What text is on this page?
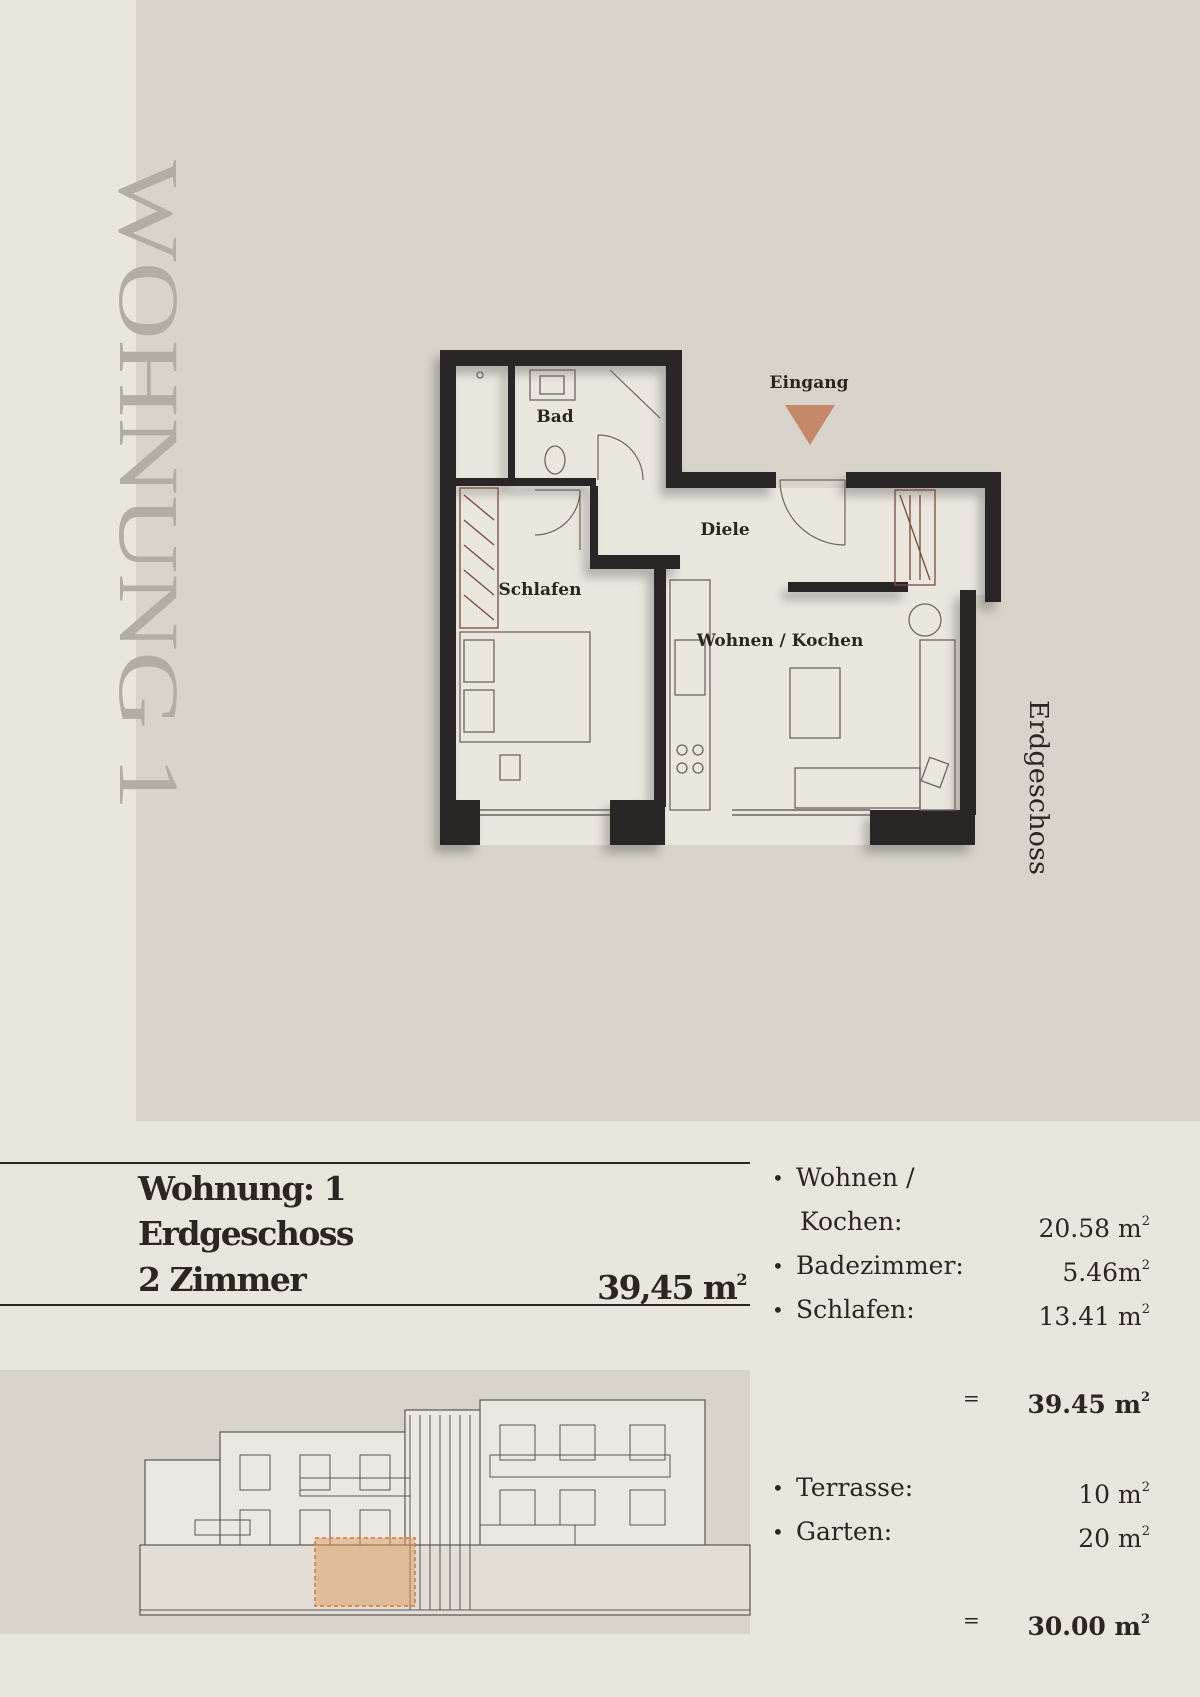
WOHNUNG 1	Eingang
Bad
Diele
Schlafen
Wohnen / Kochen
Erdgeschoss
Wohnung: 1
Erdgeschoss
2 Zimmer	39,45 $m^2$
• Wohnen /
Kochen:	20.58 $m^2$
• Badezimmer:	$5.46m^2$
• Schlafen:	13.41 $m^2$
= 39.45 $m^2$
• Terrasse:	10 $m^2$
• Garten:	20 $m^2$
= 30.00 $m^2$
